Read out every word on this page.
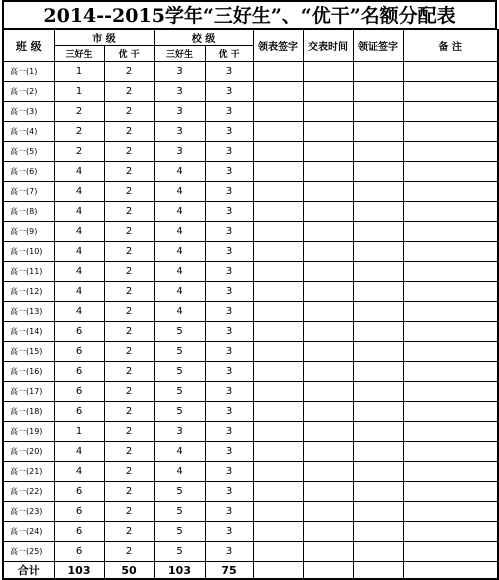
2014--2015学年“三好生”、“优干”名额分配表
班 级	市 级		校 级		领表签字	交表时间	领证签字	备 注
	三好生	优 干	三好生	优 干				
高一(1)	1	2	3	3				
高一(2)	1	2	3	3				
高一(3)	2	2	3	3				
高一(4)	2	2	3	3				
高一(5)	2	2	3	3				
高一(6)	4	2	4	3				
高一(7)	4	2	4	3				
高一(8)	4	2	4	3				
高一(9)	4	2	4	3				
高一(10)	4	2	4	3				
高一(11)	4	2	4	3				
高一(12)	4	2	4	3				
高一(13)	4	2	4	3				
高一(14)	6	2	5	3				
高一(15)	6	2	5	3				
高一(16)	6	2	5	3				
高一(17)	6	2	5	3				
高一(18)	6	2	5	3				
高一(19)	1	2	3	3				
高一(20)	4	2	4	3				
高一(21)	4	2	4	3				
高一(22)	6	2	5	3				
高一(23)	6	2	5	3				
高一(24)	6	2	5	3				
高一(25)	6	2	5	3				
合计	103	50	103	75				
